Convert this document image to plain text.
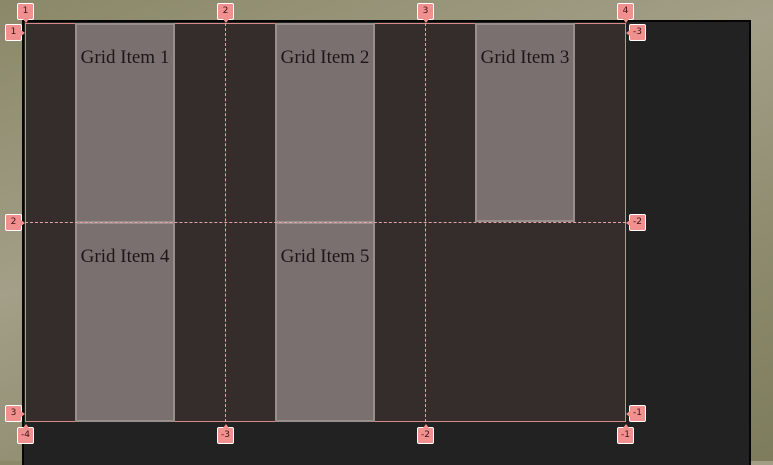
Grid Item 1	Grid Item 2	Grid Item 3
Grid Item 4	Grid Item 5
1	2	3	4
-4	-3	-2	-1
1
2
3
-3
-2
-1
